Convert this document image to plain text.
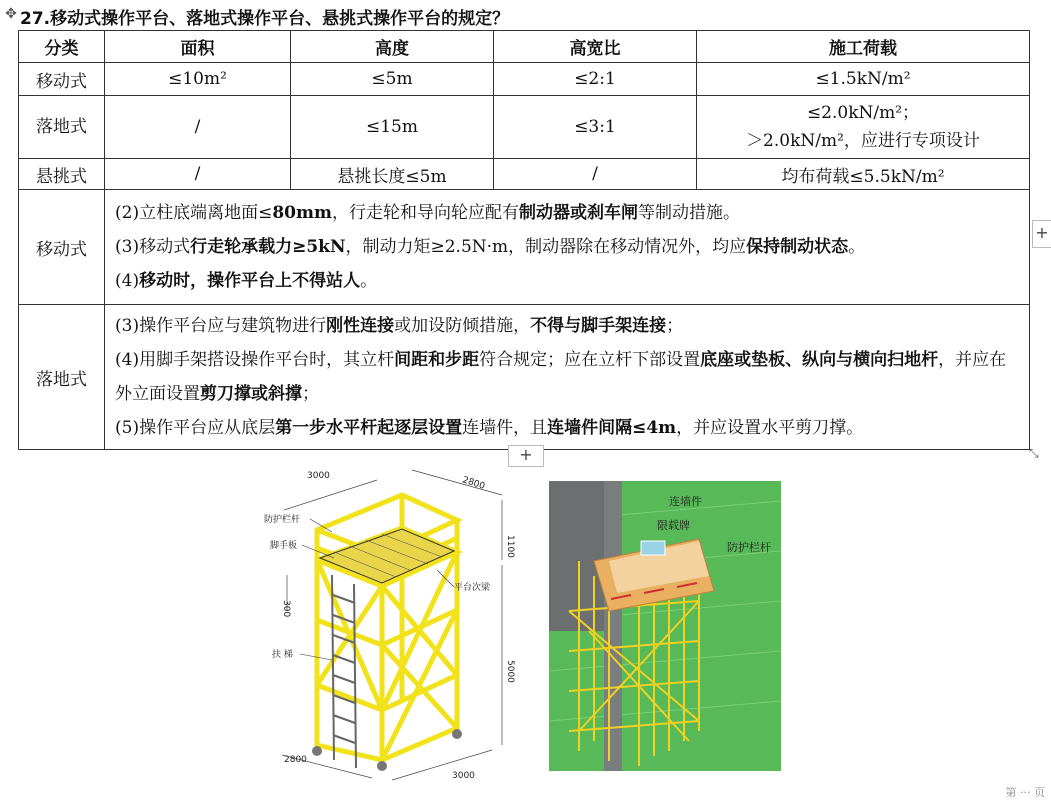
✥ 27.移动式操作平台、落地式操作平台、悬挑式操作平台的规定？
分类	面积	高度	高宽比	施工荷载
移动式	≤10m²	≤5m	≤2:1	≤1.5kN/m²
落地式	/	≤15m	≤3:1	≤2.0kN/m²；
＞2.0kN/m²，应进行专项设计

悬挑式	/	悬挑长度≤5m	/	均布荷载≤5.5kN/m²
移动式	(2)立柱底端离地面≤80mm，行走轮和导向轮应配有制动器或刹车闸等制动措施。
(3)移动式行走轮承载力≥5kN，制动力矩≥2.5N·m，制动器除在移动情况外，均应保持制动状态。
(4)移动时，操作平台上不得站人。			

落地式	(3)操作平台应与建筑物进行刚性连接或加设防倾措施，不得与脚手架连接；
(4)用脚手架搭设操作平台时，其立杆间距和步距符合规定；应在立杆下部设置底座或垫板、纵向与横向扫地杆，并应在外立面设置剪刀撑或斜撑；
(5)操作平台应从底层第一步水平杆起逐层设置连墙件，且连墙件间隔≤4m，并应设置水平剪刀撑。			
+
+	⤡
3000	2800
1100
300
5000
2800
3000
防护栏杆
脚手板
平台次梁
扶 梯
连墙件
限载牌
防护栏杆
第 ··· 页
